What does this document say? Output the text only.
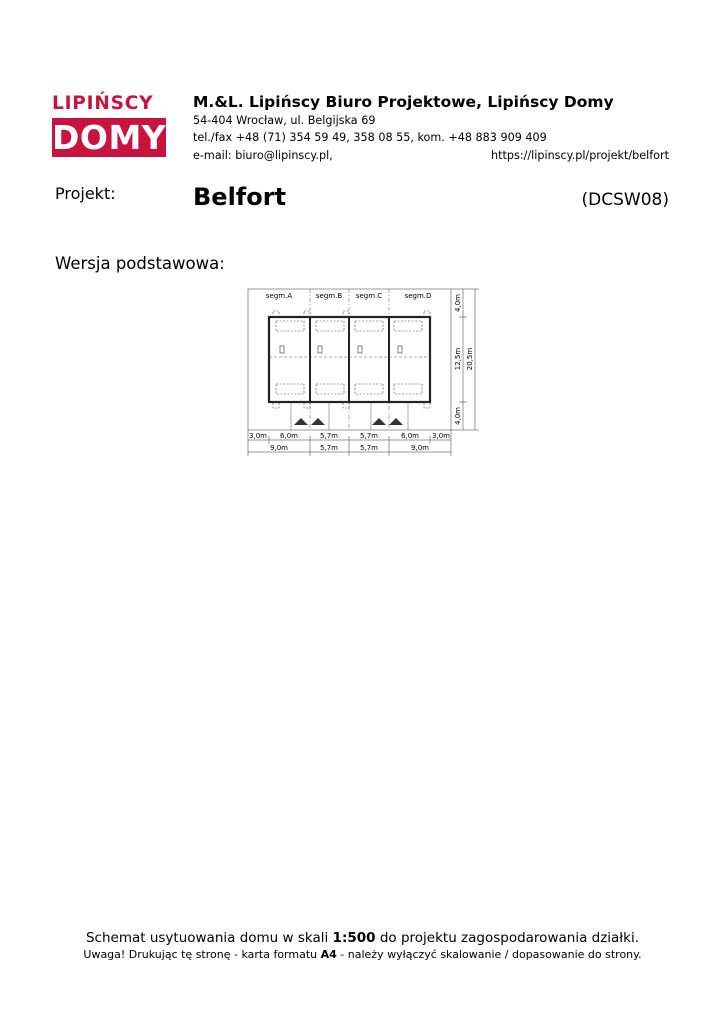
LIPIŃSCY
DOMY
M.&L. Lipińscy Biuro Projektowe, Lipińscy Domy
54-404 Wrocław, ul. Belgijska 69
tel./fax +48 (71) 354 59 49, 358 08 55, kom. +48 883 909 409
e-mail: biuro@lipinscy.pl,	https://lipinscy.pl/projekt/belfort
Projekt:	Belfort	(DCSW08)
Wersja podstawowa:
segm.A	segm.B segm.C	segm.D
3,0m 6,0m	5,7m	5,7m	6,0m 3,0m
9,0m	5,7m	5,7m	9,0m
4,0m
12,5m
4,0m
20,5m
Schemat usytuowania domu w skali 1:500 do projektu zagospodarowania działki.
Uwaga! Drukując tę stronę - karta formatu A4 - należy wyłączyć skalowanie / dopasowanie do strony.
